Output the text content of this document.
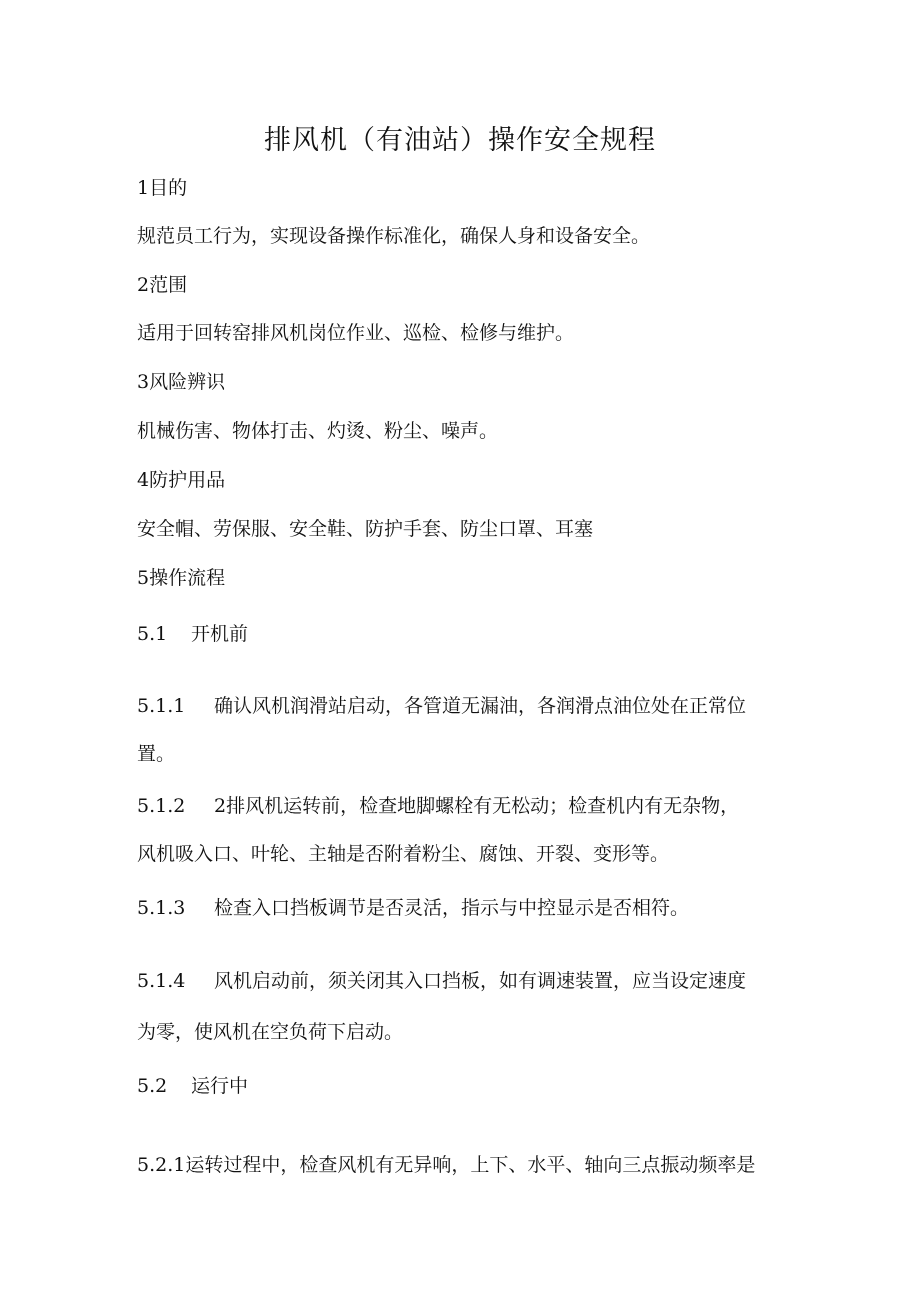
排风机（有油站）操作安全规程

1目的

规范员工行为，实现设备操作标准化，确保人身和设备安全。

2范围

适用于回转窑排风机岗位作业、巡检、检修与维护。

3风险辨识

机械伤害、物体打击、灼烫、粉尘、噪声。

4防护用品

安全帽、劳保服、安全鞋、防护手套、防尘口罩、耳塞

5操作流程

5.1 开机前

5.1.1 确认风机润滑站启动，各管道无漏油，各润滑点油位处在正常位

置。

5.1.2 2排风机运转前，检查地脚螺栓有无松动；检查机内有无杂物，

风机吸入口、叶轮、主轴是否附着粉尘、腐蚀、开裂、变形等。

5.1.3 检查入口挡板调节是否灵活，指示与中控显示是否相符。

5.1.4 风机启动前，须关闭其入口挡板，如有调速装置，应当设定速度

为零，使风机在空负荷下启动。

5.2 运行中

5.2.1运转过程中，检查风机有无异响，上下、水平、轴向三点振动频率是
